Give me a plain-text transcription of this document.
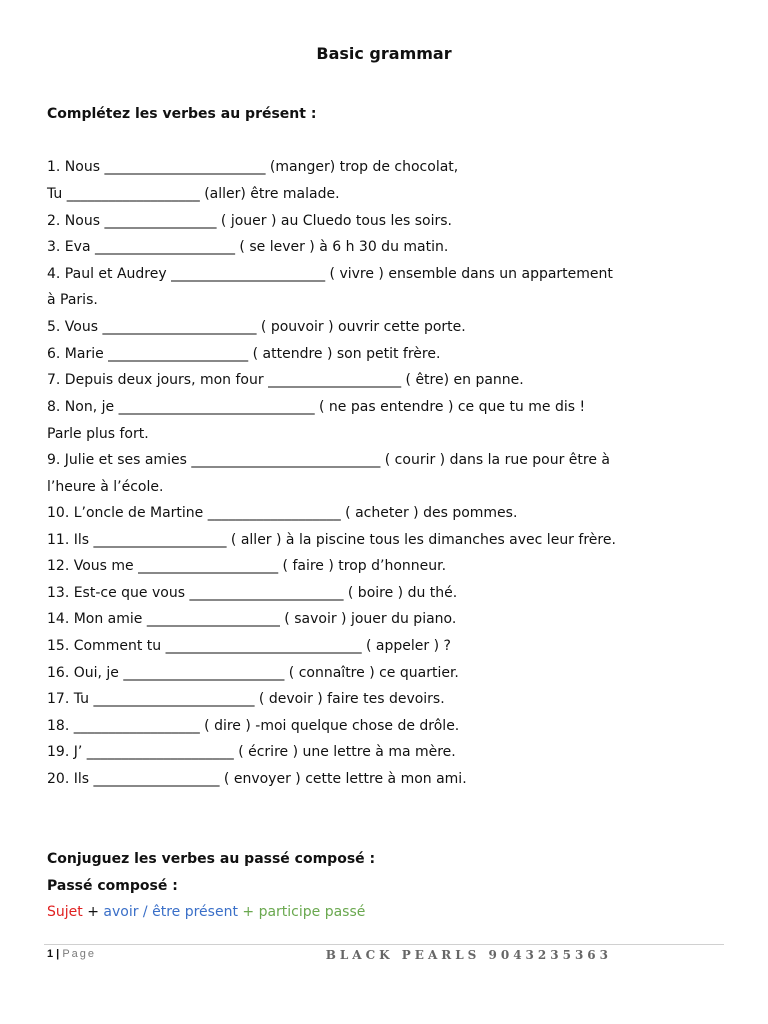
Basic grammar
Complétez les verbes au présent :
1. Nous _______________________ (manger) trop de chocolat,
Tu ___________________ (aller) être malade.
2. Nous ________________ ( jouer ) au Cluedo tous les soirs.
3. Eva ____________________ ( se lever ) à 6 h 30 du matin.
4. Paul et Audrey ______________________ ( vivre ) ensemble dans un appartement
à Paris.
5. Vous ______________________ ( pouvoir ) ouvrir cette porte.
6. Marie ____________________ ( attendre ) son petit frère.
7. Depuis deux jours, mon four ___________________ ( être) en panne.
8. Non, je ____________________________ ( ne pas entendre ) ce que tu me dis !
Parle plus fort.
9. Julie et ses amies ___________________________ ( courir ) dans la rue pour être à
l’heure à l’école.
10. L’oncle de Martine ___________________ ( acheter ) des pommes.
11. Ils ___________________ ( aller ) à la piscine tous les dimanches avec leur frère.
12. Vous me ____________________ ( faire ) trop d’honneur.
13. Est-ce que vous ______________________ ( boire ) du thé.
14. Mon amie ___________________ ( savoir ) jouer du piano.
15. Comment tu ____________________________ ( appeler ) ?
16. Oui, je _______________________ ( connaître ) ce quartier.
17. Tu _______________________ ( devoir ) faire tes devoirs.
18. __________________ ( dire ) -moi quelque chose de drôle.
19. J’ _____________________ ( écrire ) une lettre à ma mère.
20. Ils __________________ ( envoyer ) cette lettre à mon ami.
Conjuguez les verbes au passé composé :
Passé composé :
Sujet + avoir / être présent + participe passé
1 | Page	BLACK PEARLS 9043235363
